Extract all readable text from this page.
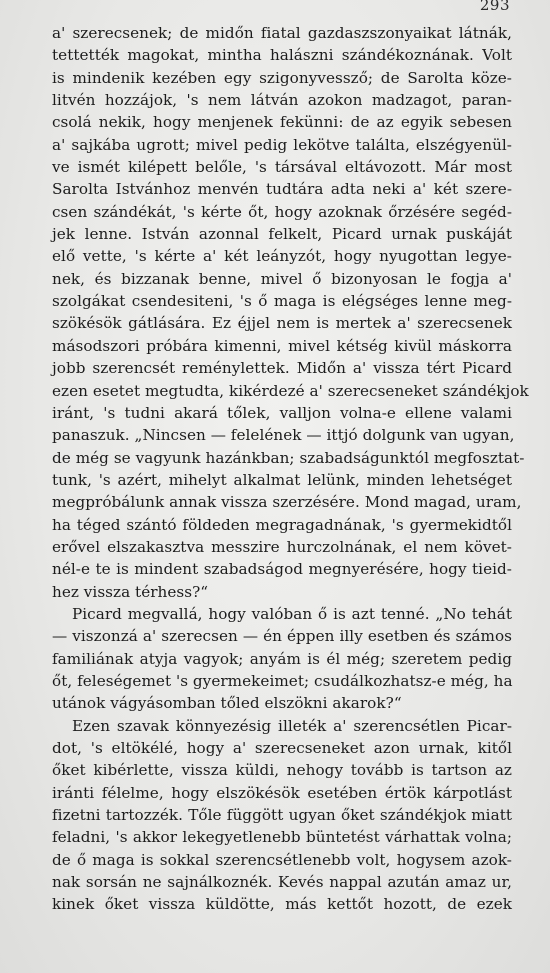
293
a' szerecsenek; de midőn fiatal gazdaszszonyaikat látnák,
tettették magokat, mintha halászni szándékoznának. Volt
is mindenik kezében egy szigonyvessző; de Sarolta köze-
litvén hozzájok, 's nem látván azokon madzagot, paran-
csolá nekik, hogy menjenek fekünni: de az egyik sebesen
a' sajkába ugrott; mivel pedig lekötve találta, elszégyenül-
ve ismét kilépett belőle, 's társával eltávozott. Már most
Sarolta Istvánhoz menvén tudtára adta neki a' két szere-
csen szándékát, 's kérte őt, hogy azoknak őrzésére segéd-
jek lenne. István azonnal felkelt, Picard urnak puskáját
elő vette, 's kérte a' két leányzót, hogy nyugottan legye-
nek, és bizzanak benne, mivel ő bizonyosan le fogja a'
szolgákat csendesiteni, 's ő maga is elégséges lenne meg-
szökésök gátlására. Ez éjjel nem is mertek a' szerecsenek
másodszori próbára kimenni, mivel kétség kivül máskorra
jobb szerencsét reménylettek. Midőn a' vissza tért Picard
ezen esetet megtudta, kikérdezé a' szerecseneket szándékjok
iránt, 's tudni akará tőlek, valljon volna-e ellene valami
panaszuk. „Nincsen — felelének — ittjó dolgunk van ugyan,
de még se vagyunk hazánkban; szabadságunktól megfosztat-
tunk, 's azért, mihelyt alkalmat lelünk, minden lehetséget
megpróbálunk annak vissza szerzésére. Mond magad, uram,
ha téged szántó földeden megragadnának, 's gyermekidtől
erővel elszakasztva messzire hurczolnának, el nem követ-
nél-e te is mindent szabadságod megnyerésére, hogy tieid-
hez vissza térhess?“
Picard megvallá, hogy valóban ő is azt tenné. „No tehát
— viszonzá a' szerecsen — én éppen illy esetben és számos
familiának atyja vagyok; anyám is él még; szeretem pedig
őt, feleségemet 's gyermekeimet; csudálkozhatsz-e még, ha
utánok vágyásomban tőled elszökni akarok?“
Ezen szavak könnyezésig illeték a' szerencsétlen Picar-
dot, 's eltökélé, hogy a' szerecseneket azon urnak, kitől
őket kibérlette, vissza küldi, nehogy tovább is tartson az
iránti félelme, hogy elszökésök esetében értök kárpotlást
fizetni tartozzék. Tőle függött ugyan őket szándékjok miatt
feladni, 's akkor lekegyetlenebb büntetést várhattak volna;
de ő maga is sokkal szerencsétlenebb volt, hogysem azok-
nak sorsán ne sajnálkoznék. Kevés nappal azután amaz ur,
kinek őket vissza küldötte, más kettőt hozott, de ezek
